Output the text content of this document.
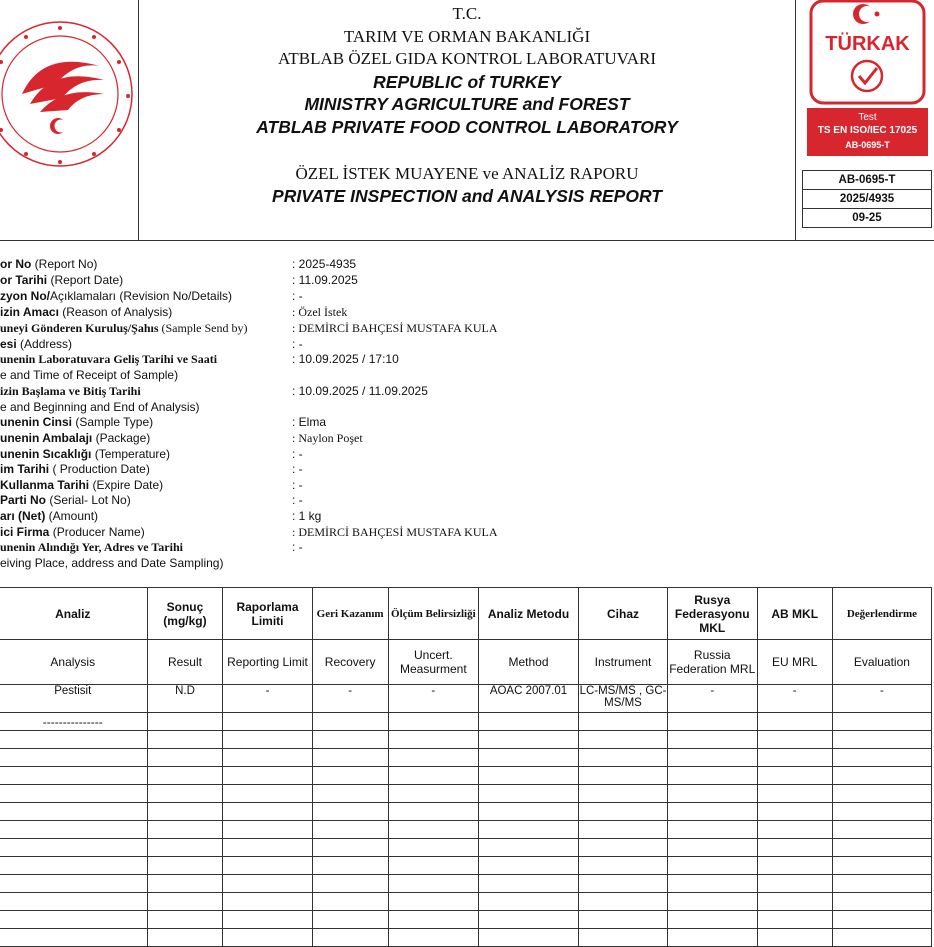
T.C.
TARIM VE ORMAN BAKANLIĞI
ATBLAB ÖZEL GIDA KONTROL LABORATUVARI
REPUBLIC of TURKEY
MINISTRY AGRICULTURE and FOREST
ATBLAB PRIVATE FOOD CONTROL LABORATORY
ÖZEL İSTEK MUAYENE ve ANALİZ RAPORU
PRIVATE INSPECTION and ANALYSIS REPORT
TÜRKAK
Test
TS EN ISO/IEC 17025
AB-0695-T
AB-0695-T
2025/4935
09-25
or No (Report No)	: 2025-4935
or Tarihi (Report Date)	: 11.09.2025
zyon No/Açıklamaları (Revision No/Details)	: -
izin Amacı (Reason of Analysis)	: Özel İstek
uneyi Gönderen Kuruluş/Şahıs (Sample Send by)	: DEMİRCİ BAHÇESİ MUSTAFA KULA
esi (Address)	: -
unenin Laboratuvara Geliş Tarihi ve Saati	: 10.09.2025 / 17:10
e and Time of Receipt of Sample)
izin Başlama ve Bitiş Tarihi	: 10.09.2025 / 11.09.2025
e and Beginning and End of Analysis)
unenin Cinsi (Sample Type)	: Elma
unenin Ambalajı (Package)	: Naylon Poşet
unenin Sıcaklığı (Temperature)	: -
im Tarihi ( Production Date)	: -
Kullanma Tarihi (Expire Date)	: -
Parti No (Serial- Lot No)	: -
arı (Net) (Amount)	: 1 kg
ici Firma (Producer Name)	: DEMİRCİ BAHÇESİ MUSTAFA KULA
unenin Alındığı Yer, Adres ve Tarihi	: -
eiving Place, address and Date Sampling)
Analiz	Sonuç (mg/kg)	Raporlama Limiti	Geri Kazanım	Ölçüm Belirsizliği	Analiz Metodu	Cihaz	Rusya Federasyonu MKL	AB MKL	Değerlendirme
Analysis	Result	Reporting Limit	Recovery	Uncert. Measurment	Method	Instrument	Russia Federation MRL	EU MRL	Evaluation
Pestisit	N.D	-	-	-	AOAC 2007.01	LC-MS/MS , GC-MS/MS	-	-	-
---------------									
